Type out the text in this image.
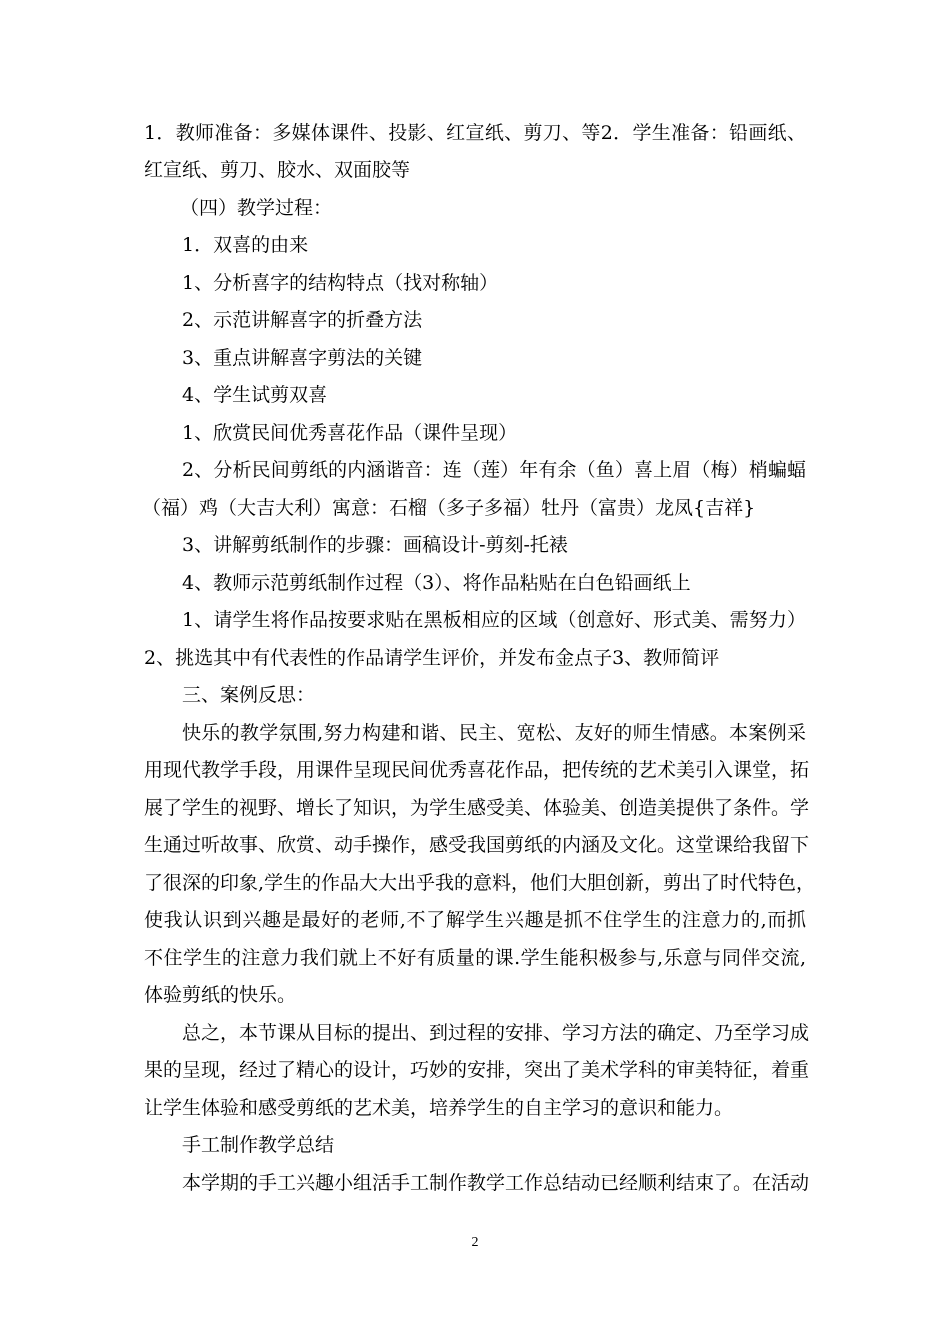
1．教师准备：多媒体课件、投影、红宣纸、剪刀、等2．学生准备：铅画纸、
红宣纸、剪刀、胶水、双面胶等
（四）教学过程：
1．双喜的由来
1、分析喜字的结构特点（找对称轴）
2、示范讲解喜字的折叠方法
3、重点讲解喜字剪法的关键
4、学生试剪双喜
1、欣赏民间优秀喜花作品（课件呈现）
2、分析民间剪纸的内涵谐音：连（莲）年有余（鱼）喜上眉（梅）梢蝙蝠
（福）鸡（大吉大利）寓意：石榴（多子多福）牡丹（富贵）龙凤{吉祥}
3、讲解剪纸制作的步骤：画稿设计-剪刻-托裱
4、教师示范剪纸制作过程（3）、将作品粘贴在白色铅画纸上
1、请学生将作品按要求贴在黑板相应的区域（创意好、形式美、需努力）
2、挑选其中有代表性的作品请学生评价，并发布金点子3、教师简评
三、案例反思：
快乐的教学氛围,努力构建和谐、民主、宽松、友好的师生情感。本案例采
用现代教学手段，用课件呈现民间优秀喜花作品，把传统的艺术美引入课堂，拓
展了学生的视野、增长了知识，为学生感受美、体验美、创造美提供了条件。学
生通过听故事、欣赏、动手操作，感受我国剪纸的内涵及文化。这堂课给我留下
了很深的印象,学生的作品大大出乎我的意料，他们大胆创新，剪出了时代特色，
使我认识到兴趣是最好的老师,不了解学生兴趣是抓不住学生的注意力的,而抓
不住学生的注意力我们就上不好有质量的课.学生能积极参与,乐意与同伴交流,
体验剪纸的快乐。
总之，本节课从目标的提出、到过程的安排、学习方法的确定、乃至学习成
果的呈现，经过了精心的设计，巧妙的安排，突出了美术学科的审美特征，着重
让学生体验和感受剪纸的艺术美，培养学生的自主学习的意识和能力。
手工制作教学总结
本学期的手工兴趣小组活手工制作教学工作总结动已经顺利结束了。在活动
2
